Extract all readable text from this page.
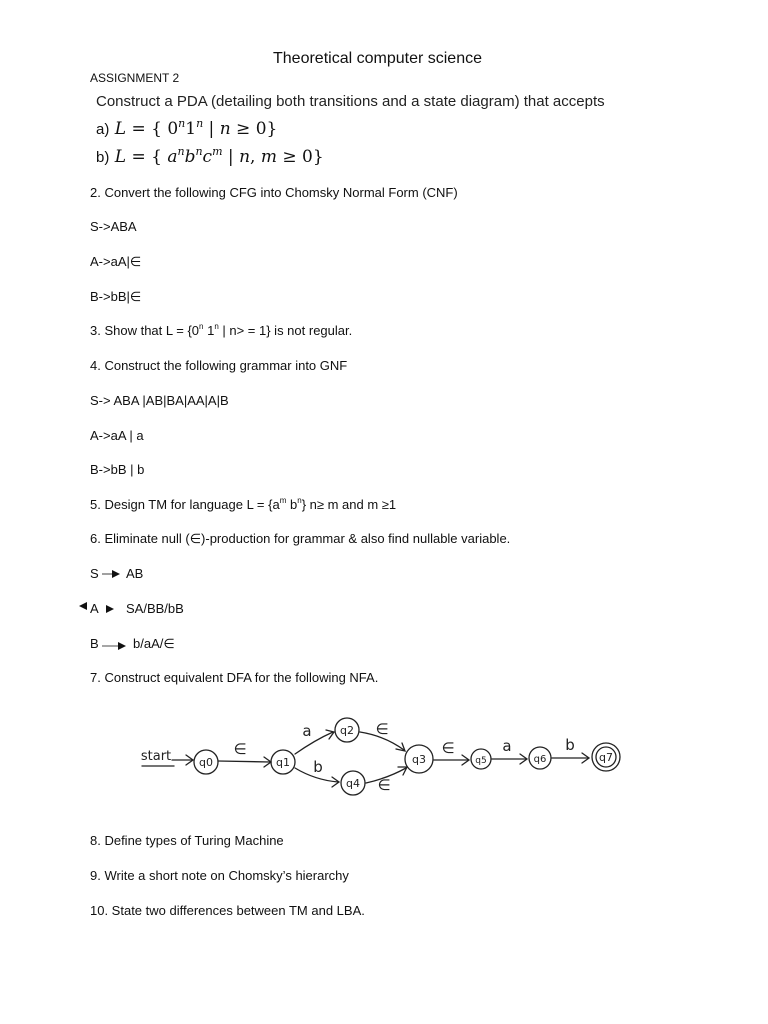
Theoretical computer science
ASSIGNMENT 2
Construct a PDA (detailing both transitions and a state diagram) that accepts
a) L = { 0$^n$1$^n$ | n ≥ 0}
b) L = { $a^nb^nc^m$ | n, m ≥ 0}
2. Convert the following CFG into Chomsky Normal Form (CNF)
S->ABA
A->aA|∈
B->bB|∈
3. Show that $L = \{0^n$ 1$^n$ | n> = 1} is not regular.
4. Construct the following grammar into GNF
S-> ABA |AB|BA|AA|A|B
A->aA | a
B->bB | b
5. Design TM for language $L = \{a^m$ $b^n$} n≥ m and m ≥1
6. Eliminate null (∈)-production for grammar & also find nullable variable.
S AB
A SA/BB/bB
B	b/aA/∈
7. Construct equivalent DFA for the following NFA.
start	q0	q1
q2
q3
q4
q5	q6	q7
∈
a
b
∈
∈
∈	a	b
8. Define types of Turing Machine
9. Write a short note on Chomsky’s hierarchy
10. State two differences between TM and LBA.
